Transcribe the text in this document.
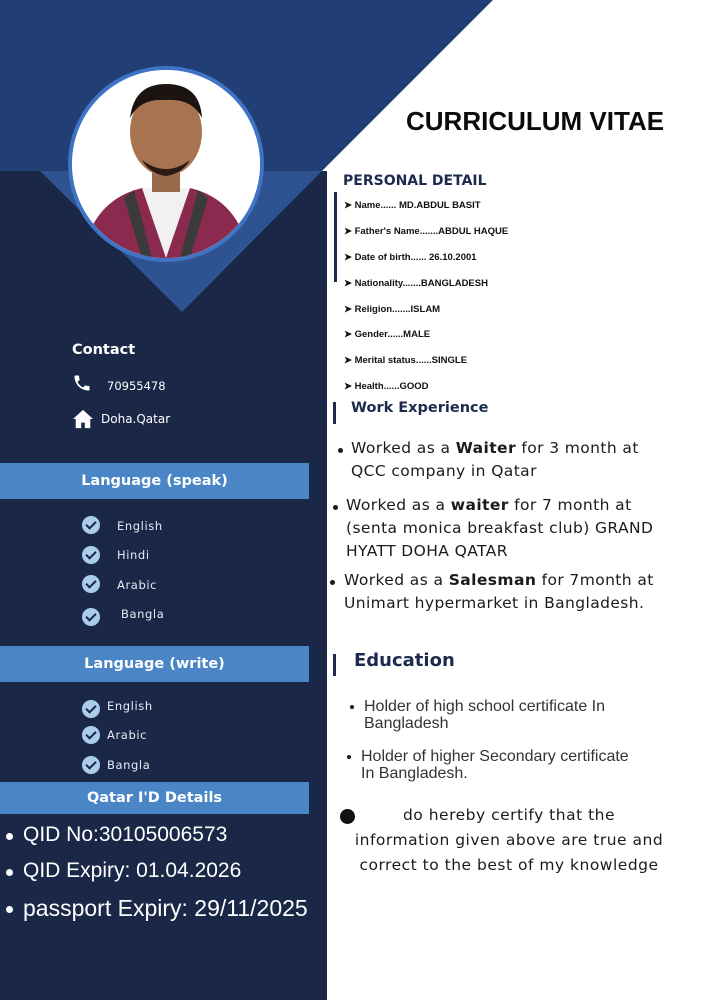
CURRICULUM VITAE
PERSONAL DETAIL
➤ Name...... MD.ABDUL BASIT
➤ Father's Name.......ABDUL HAQUE
➤ Date of birth...... 26.10.2001
➤ Nationality.......BANGLADESH
➤ Religion.......ISLAM
➤ Gender......MALE
➤ Merital status......SINGLE
➤ Health......GOOD
Work Experience
Worked as a Waiter for 3 month at
QCC company in Qatar
Worked as a waiter for 7 month at
(senta monica breakfast club) GRAND
HYATT DOHA QATAR
Worked as a Salesman for 7month at
Unimart hypermarket in Bangladesh.
Education
Holder of high school certificate In
Bangladesh
Holder of higher Secondary certificate
In Bangladesh.
do hereby certify that the
information given above are true and
correct to the best of my knowledge
Contact
70955478
Doha.Qatar
Language (speak)
English
Hindi
Arabic
Bangla
Language (write)
English
Arabic
Bangla
Qatar I'D Details
QID No:30105006573
QID Expiry: 01.04.2026
passport Expiry: 29/11/2025
